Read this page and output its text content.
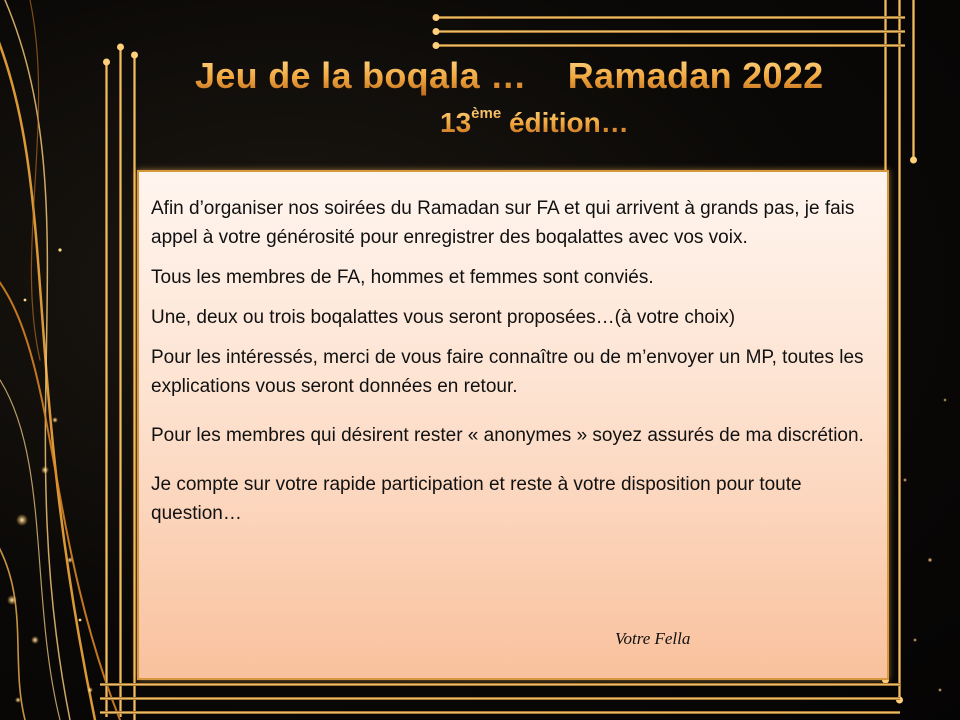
Jeu de la boqala … Ramadan 2022
13ème édition…

Afin d’organiser nos soirées du Ramadan sur FA et qui arrivent à grands pas, je fais appel à votre générosité pour enregistrer des boqalattes avec vos voix.

Tous les membres de FA, hommes et femmes sont conviés.

Une, deux ou trois boqalattes vous seront proposées…(à votre choix)

Pour les intéressés, merci de vous faire connaître ou de m’envoyer un MP, toutes les explications vous seront données en retour.

Pour les membres qui désirent rester « anonymes » soyez assurés de ma discrétion.

Je compte sur votre rapide participation et reste à votre disposition pour toute question…

Votre Fella
